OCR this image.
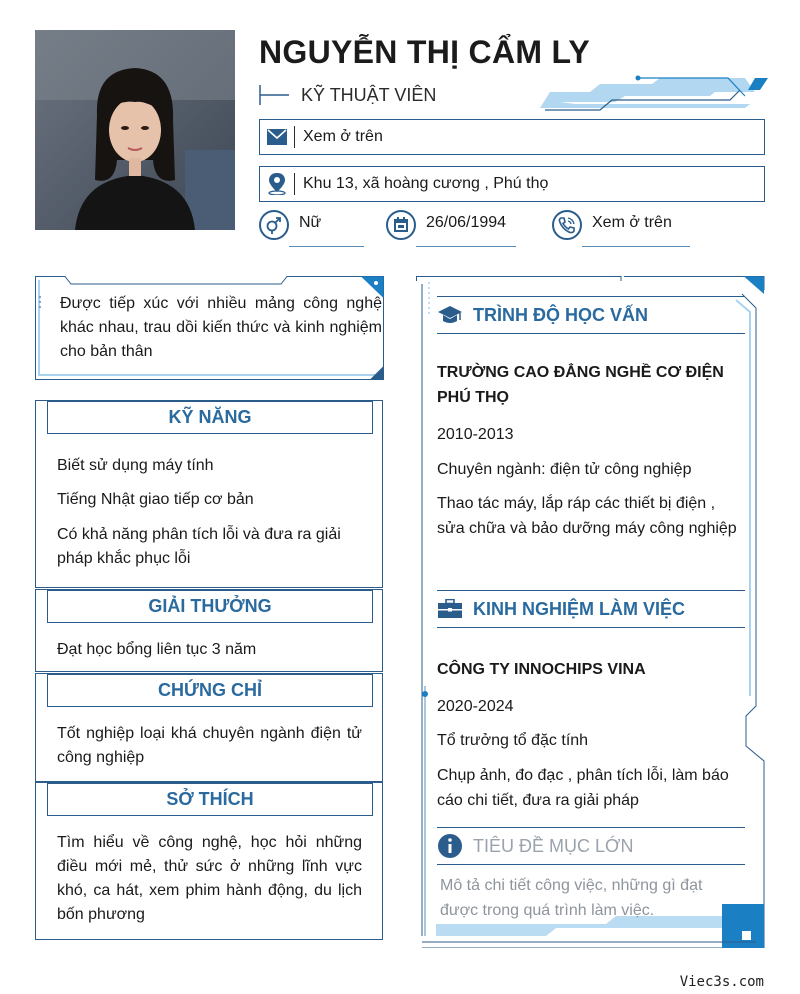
NGUYỄN THỊ CẨM LY
KỸ THUẬT VIÊN
Xem ở trên
Khu 13, xã hoàng cương , Phú thọ
Nữ	26/06/1994	Xem ở trên
Được tiếp xúc với nhiều mảng công nghệ khác nhau, trau dồi kiến thức và kinh nghiệm cho bản thân
KỸ NĂNG
Biết sử dụng máy tính
Tiếng Nhật giao tiếp cơ bản
Có khả năng phân tích lỗi và đưa ra giải pháp khắc phục lỗi
GIẢI THƯỞNG
Đạt học bổng liên tục 3 năm
CHỨNG CHỈ
Tốt nghiệp loại khá chuyên ngành điện tử công nghiệp
SỞ THÍCH
Tìm hiểu về công nghệ, học hỏi những điều mới mẻ, thử sức ở những lĩnh vực khó, ca hát, xem phim hành động, du lịch bốn phương
TRÌNH ĐỘ HỌC VẤN
TRƯỜNG CAO ĐẲNG NGHỀ CƠ ĐIỆN PHÚ THỌ
2010-2013
Chuyên ngành: điện tử công nghiệp
Thao tác máy, lắp ráp các thiết bị điện , sửa chữa và bảo dưỡng máy công nghiệp
KINH NGHIỆM LÀM VIỆC
CÔNG TY INNOCHIPS VINA
2020-2024
Tổ trưởng tổ đặc tính
Chụp ảnh, đo đạc , phân tích lỗi, làm báo cáo chi tiết, đưa ra giải pháp
TIÊU ĐỀ MỤC LỚN
Mô tả chi tiết công việc, những gì đạt được trong quá trình làm việc.
Viec3s.com
